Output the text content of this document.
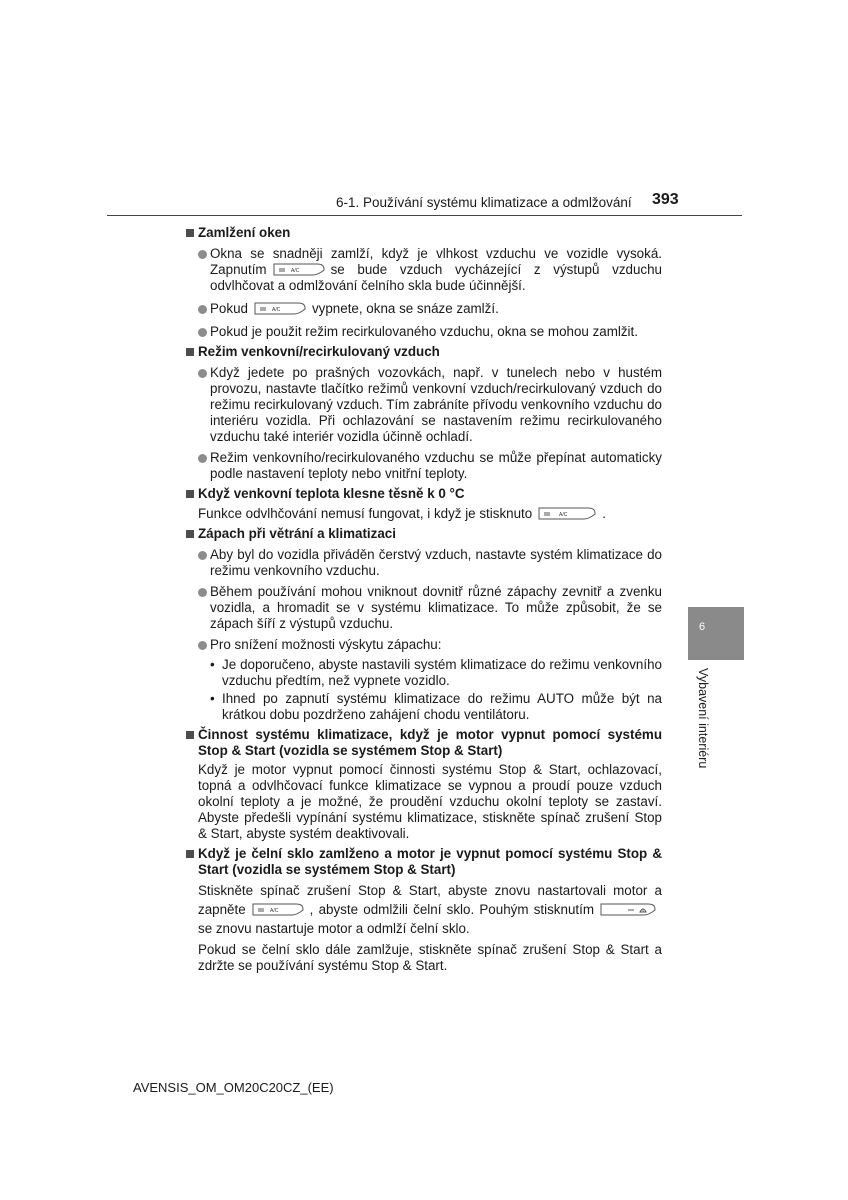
6-1. Používání systému klimatizace a odmlžování 393
Zamlžení oken
Okna se snadněji zamlží, když je vlhkost vzduchu ve vozidle vysoká. Zapnutím	A/C se bude vzduch vycházející z výstupů vzduchu odvlhčovat a odmlžování čelního skla bude účinnější.
Pokud	A/C vypnete, okna se snáze zamlží.
Pokud je použit režim recirkulovaného vzduchu, okna se mohou zamlžit.
Režim venkovní/recirkulovaný vzduch
Když jedete po prašných vozovkách, např. v tunelech nebo v hustém provozu, nastavte tlačítko režimů venkovní vzduch/recirkulovaný vzduch do režimu recirkulovaný vzduch. Tím zabráníte přívodu venkovního vzduchu do interiéru vozidla. Při ochlazování se nastavením režimu recirkulovaného vzduchu také interiér vozidla účinně ochladí.
Režim venkovního/recirkulovaného vzduchu se může přepínat automaticky podle nastavení teploty nebo vnitřní teploty.
Když venkovní teplota klesne těsně k 0 °C
Funkce odvlhčování nemusí fungovat, i když je stisknuto	A/C	.
Zápach při větrání a klimatizaci
Aby byl do vozidla přiváděn čerstvý vzduch, nastavte systém klimatizace do režimu venkovního vzduchu.
Během používání mohou vniknout dovnitř různé zápachy zevnitř a zvenku vozidla, a hromadit se v systému klimatizace. To může způsobit, že se zápach šíří z výstupů vzduchu.
Pro snížení možnosti výskytu zápachu:
• Je doporučeno, abyste nastavili systém klimatizace do režimu venkovního vzduchu předtím, než vypnete vozidlo.
• Ihned po zapnutí systému klimatizace do režimu AUTO může být na krátkou dobu pozdrženo zahájení chodu ventilátoru.
Činnost systému klimatizace, když je motor vypnut pomocí systému Stop & Start (vozidla se systémem Stop & Start)
Když je motor vypnut pomocí činnosti systému Stop & Start, ochlazovací, topná a odvlhčovací funkce klimatizace se vypnou a proudí pouze vzduch okolní teploty a je možné, že proudění vzduchu okolní teploty se zastaví. Abyste předešli vypínání systému klimatizace, stiskněte spínač zrušení Stop & Start, abyste systém deaktivovali.
Když je čelní sklo zamlženo a motor je vypnut pomocí systému Stop & Start (vozidla se systémem Stop & Start)
Stiskněte spínač zrušení Stop & Start, abyste znovu nastartovali motor a zapněte	A/C , abyste odmlžili čelní sklo. Pouhým stisknutím
se znovu nastartuje motor a odmlží čelní sklo.
Pokud se čelní sklo dále zamlžuje, stiskněte spínač zrušení Stop & Start a zdržte se používání systému Stop & Start.
6
Vybavení interiéru
AVENSIS_OM_OM20C20CZ_(EE)
